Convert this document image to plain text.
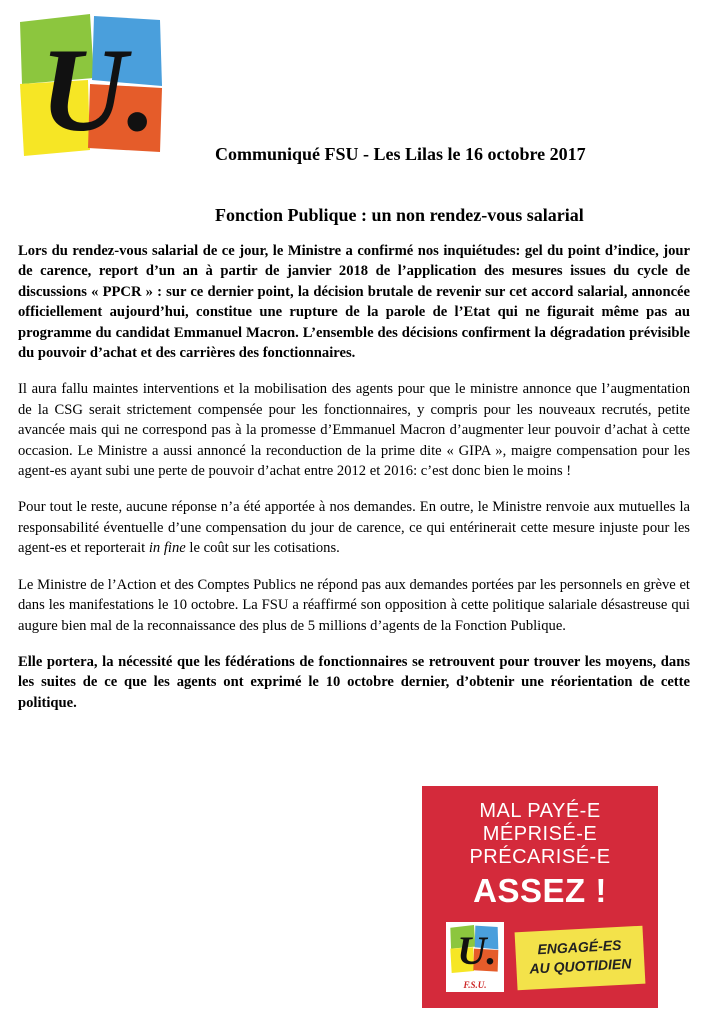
U.	Communiqué FSU - Les Lilas le 16 octobre 2017
Fonction Publique : un non rendez-vous salarial

Lors du rendez-vous salarial de ce jour, le Ministre a confirmé nos inquiétudes: gel du point d’indice, jour de carence, report d’un an à partir de janvier 2018 de l’application des mesures issues du cycle de discussions « PPCR » : sur ce dernier point, la décision brutale de revenir sur cet accord salarial, annoncée officiellement aujourd’hui, constitue une rupture de la parole de l’Etat qui ne figurait même pas au programme du candidat Emmanuel Macron. L’ensemble des décisions confirment la dégradation prévisible du pouvoir d’achat et des carrières des fonctionnaires.

Il aura fallu maintes interventions et la mobilisation des agents pour que le ministre annonce que l’augmentation de la CSG serait strictement compensée pour les fonctionnaires, y compris pour les nouveaux recrutés, petite avancée mais qui ne correspond pas à la promesse d’Emmanuel Macron d’augmenter leur pouvoir d’achat à cette occasion. Le Ministre a aussi annoncé la reconduction de la prime dite « GIPA », maigre compensation pour les agent-es ayant subi une perte de pouvoir d’achat entre 2012 et 2016: c’est donc bien le moins !

Pour tout le reste, aucune réponse n’a été apportée à nos demandes. En outre, le Ministre renvoie aux mutuelles la responsabilité éventuelle d’une compensation du jour de carence, ce qui entérinerait cette mesure injuste pour les agent-es et reporterait in fine le coût sur les cotisations.

Le Ministre de l’Action et des Comptes Publics ne répond pas aux demandes portées par les personnels en grève et dans les manifestations le 10 octobre. La FSU a réaffirmé son opposition à cette politique salariale désastreuse qui augure bien mal de la reconnaissance des plus de 5 millions d’agents de la Fonction Publique.

Elle portera, la nécessité que les fédérations de fonctionnaires se retrouvent pour trouver les moyens, dans les suites de ce que les agents ont exprimé le 10 octobre dernier, d’obtenir une réorientation de cette politique.

MAL PAYÉ-E
MÉPRISÉ-E
PRÉCARISÉ-E
ASSEZ !
U.
F.S.U.
ENGAGÉ-ES
AU QUOTIDIEN
